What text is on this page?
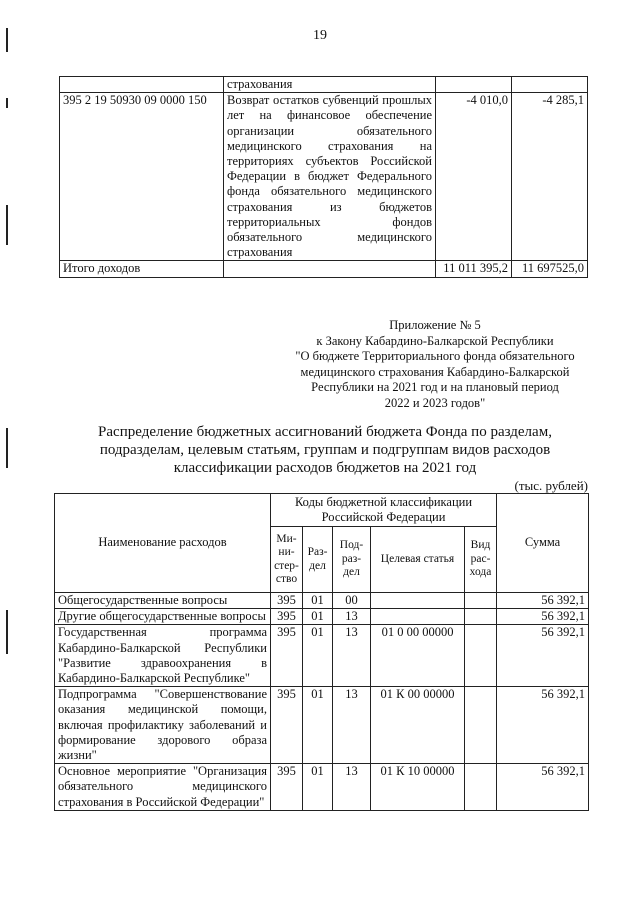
19
	страхования		
395 2 19 50930 09 0000 150	Возврат остатков субвенций прошлых лет на финансовое обеспечение организации обязательного медицинского страхования на территориях субъектов Российской Федерации в бюджет Федерального фонда обязательного медицинского страхования из бюджетов территориальных фондов обязательного медицинского страхования	-4 010,0	-4 285,1
Итого доходов		11 011 395,2	11 697525,0
Приложение № 5
к Закону Кабардино-Балкарской Республики
"О бюджете Территориального фонда обязательного
медицинского страхования Кабардино-Балкарской
Республики на 2021 год и на плановый период
2022 и 2023 годов"
Распределение бюджетных ассигнований бюджета Фонда по разделам,
подразделам, целевым статьям, группам и подгруппам видов расходов
классификации расходов бюджетов на 2021 год
(тыс. рублей)
Наименование расходов	Коды бюджетной классификации Российской Федерации					Сумма
	Ми-ни-стер-ство	Раз-дел	Под-раз-дел	Целевая статья	Вид рас-хода	
Общегосударственные вопросы	395	01	00			56 392,1
Другие общегосударственные вопросы	395	01	13			56 392,1
Государственная программа Кабардино-Балкарской Республики "Развитие здравоохранения в Кабардино-Балкарской Республике"	395	01	13	01 0 00 00000		56 392,1
Подпрограмма "Совершенствование оказания медицинской помощи, включая профилактику заболеваний и формирование здорового образа жизни"	395	01	13	01 К 00 00000		56 392,1
Основное мероприятие "Организация обязательного медицинского страхования в Российской Федерации"	395	01	13	01 К 10 00000		56 392,1
